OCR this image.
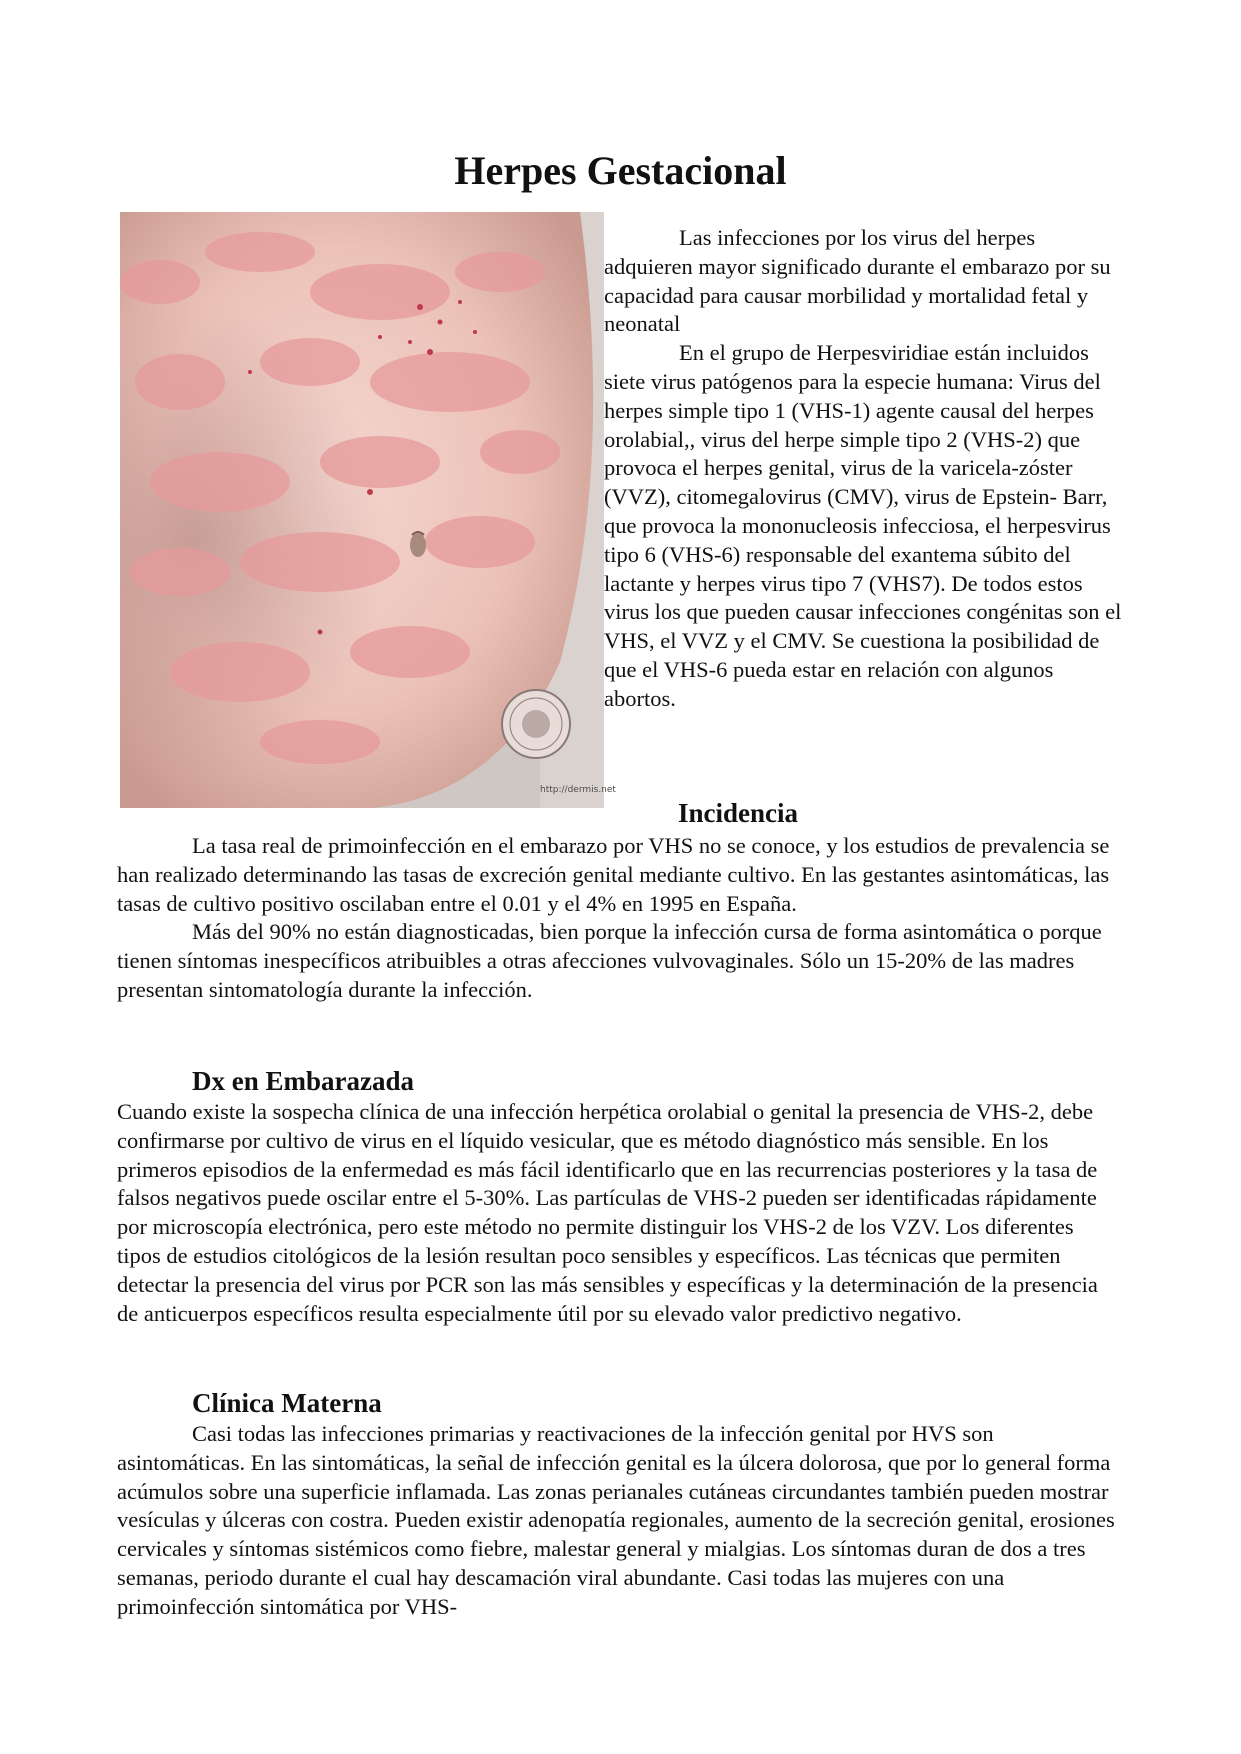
Herpes Gestacional
http://dermis.net

Las infecciones por los virus del herpes adquieren mayor significado durante el embarazo por su capacidad para causar morbilidad y mortalidad fetal y neonatal

En el grupo de Herpesviridiae están incluidos siete virus patógenos para la especie humana: Virus del herpes simple tipo 1 (VHS-1) agente causal del herpes orolabial,, virus del herpe simple tipo 2 (VHS-2) que provoca el herpes genital, virus de la varicela-zóster (VVZ), citomegalovirus (CMV), virus de Epstein- Barr, que provoca la mononucleosis infecciosa, el herpesvirus tipo 6 (VHS-6) responsable del exantema súbito del lactante y herpes virus tipo 7 (VHS7). De todos estos virus los que pueden causar infecciones congénitas son el VHS, el VVZ y el CMV. Se cuestiona la posibilidad de que el VHS-6 pueda estar en relación con algunos abortos.

Incidencia

La tasa real de primoinfección en el embarazo por VHS no se conoce, y los estudios de prevalencia se han realizado determinando las tasas de excreción genital mediante cultivo. En las gestantes asintomáticas, las tasas de cultivo positivo oscilaban entre el 0.01 y el 4% en 1995 en España.

Más del 90% no están diagnosticadas, bien porque la infección cursa de forma asintomática o porque tienen síntomas inespecíficos atribuibles a otras afecciones vulvovaginales. Sólo un 15-20% de las madres presentan sintomatología durante la infección.

Dx en Embarazada

Cuando existe la sospecha clínica de una infección herpética orolabial o genital la presencia de VHS-2, debe confirmarse por cultivo de virus en el líquido vesicular, que es método diagnóstico más sensible. En los primeros episodios de la enfermedad es más fácil identificarlo que en las recurrencias posteriores y la tasa de falsos negativos puede oscilar entre el 5-30%. Las partículas de VHS-2 pueden ser identificadas rápidamente por microscopía electrónica, pero este método no permite distinguir los VHS-2 de los VZV. Los diferentes tipos de estudios citológicos de la lesión resultan poco sensibles y específicos. Las técnicas que permiten detectar la presencia del virus por PCR son las más sensibles y específicas y la determinación de la presencia de anticuerpos específicos resulta especialmente útil por su elevado valor predictivo negativo.

Clínica Materna

Casi todas las infecciones primarias y reactivaciones de la infección genital por HVS son asintomáticas. En las sintomáticas, la señal de infección genital es la úlcera dolorosa, que por lo general forma acúmulos sobre una superficie inflamada. Las zonas perianales cutáneas circundantes también pueden mostrar vesículas y úlceras con costra. Pueden existir adenopatía regionales, aumento de la secreción genital, erosiones cervicales y síntomas sistémicos como fiebre, malestar general y mialgias. Los síntomas duran de dos a tres semanas, periodo durante el cual hay descamación viral abundante. Casi todas las mujeres con una primoinfección sintomática por VHS-
